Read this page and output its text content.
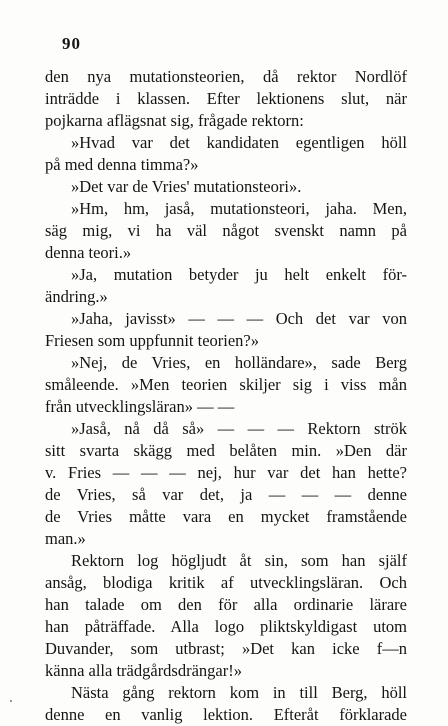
90
den nya mutationsteorien, då rektor Nordlöf
inträdde i klassen. Efter lektionens slut, när
pojkarna aflägsnat sig, frågade rektorn:
»Hvad var det kandidaten egentligen höll
på med denna timma?»
»Det var de Vries' mutationsteori».
»Hm, hm, jaså, mutationsteori, jaha. Men,
säg mig, vi ha väl något svenskt namn på
denna teori.»
»Ja, mutation betyder ju helt enkelt för-
ändring.»
»Jaha, javisst» — — — Och det var von
Friesen som uppfunnit teorien?»
»Nej, de Vries, en holländare», sade Berg
småleende. »Men teorien skiljer sig i viss mån
från utvecklingsläran» — —
»Jaså, nå då så» — — — Rektorn strök
sitt svarta skägg med belåten min. »Den där
v. Fries — — — nej, hur var det han hette?
de Vries, så var det, ja — — — denne
de Vries måtte vara en mycket framstående
man.»
Rektorn log högljudt åt sin, som han själf
ansåg, blodiga kritik af utvecklingsläran. Och
han talade om den för alla ordinarie lärare
han påträffade. Alla logo pliktskyldigast utom
Duvander, som utbrast; »Det kan icke f—n
känna alla trädgårdsdrängar!»
Nästa gång rektorn kom in till Berg, höll
denne en vanlig lektion. Efteråt förklarade
